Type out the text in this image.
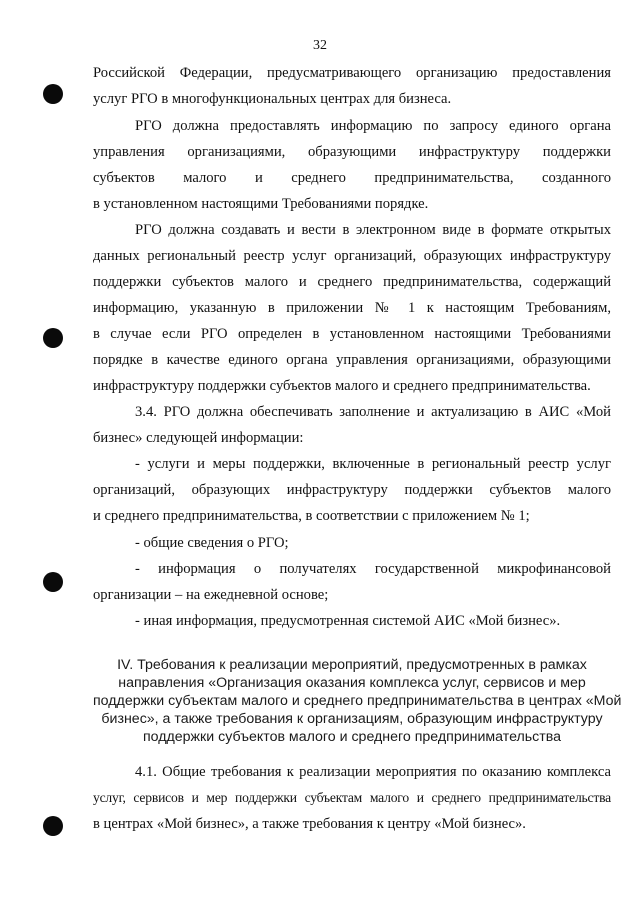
32
Российской Федерации, предусматривающего организацию предоставления
услуг РГО в многофункциональных центрах для бизнеса.
РГО должна предоставлять информацию по запросу единого органа
управления организациями, образующими инфраструктуру поддержки
субъектов малого и среднего предпринимательства, созданного
в установленном настоящими Требованиями порядке.
РГО должна создавать и вести в электронном виде в формате открытых
данных региональный реестр услуг организаций, образующих инфраструктуру
поддержки субъектов малого и среднего предпринимательства, содержащий
информацию, указанную в приложении № 1 к настоящим Требованиям,
в случае если РГО определен в установленном настоящими Требованиями
порядке в качестве единого органа управления организациями, образующими
инфраструктуру поддержки субъектов малого и среднего предпринимательства.
3.4. РГО должна обеспечивать заполнение и актуализацию в АИС «Мой
бизнес» следующей информации:
- услуги и меры поддержки, включенные в региональный реестр услуг
организаций, образующих инфраструктуру поддержки субъектов малого
и среднего предпринимательства, в соответствии с приложением № 1;
- общие сведения о РГО;
- информация о получателях государственной микрофинансовой
организации – на ежедневной основе;
- иная информация, предусмотренная системой АИС «Мой бизнес».
IV. Требования к реализации мероприятий, предусмотренных в рамках
направления «Организация оказания комплекса услуг, сервисов и мер
поддержки субъектам малого и среднего предпринимательства в центрах «Мой
бизнес», а также требования к организациям, образующим инфраструктуру
поддержки субъектов малого и среднего предпринимательства
4.1. Общие требования к реализации мероприятия по оказанию комплекса
услуг, сервисов и мер поддержки субъектам малого и среднего предпринимательства
в центрах «Мой бизнес», а также требования к центру «Мой бизнес».
